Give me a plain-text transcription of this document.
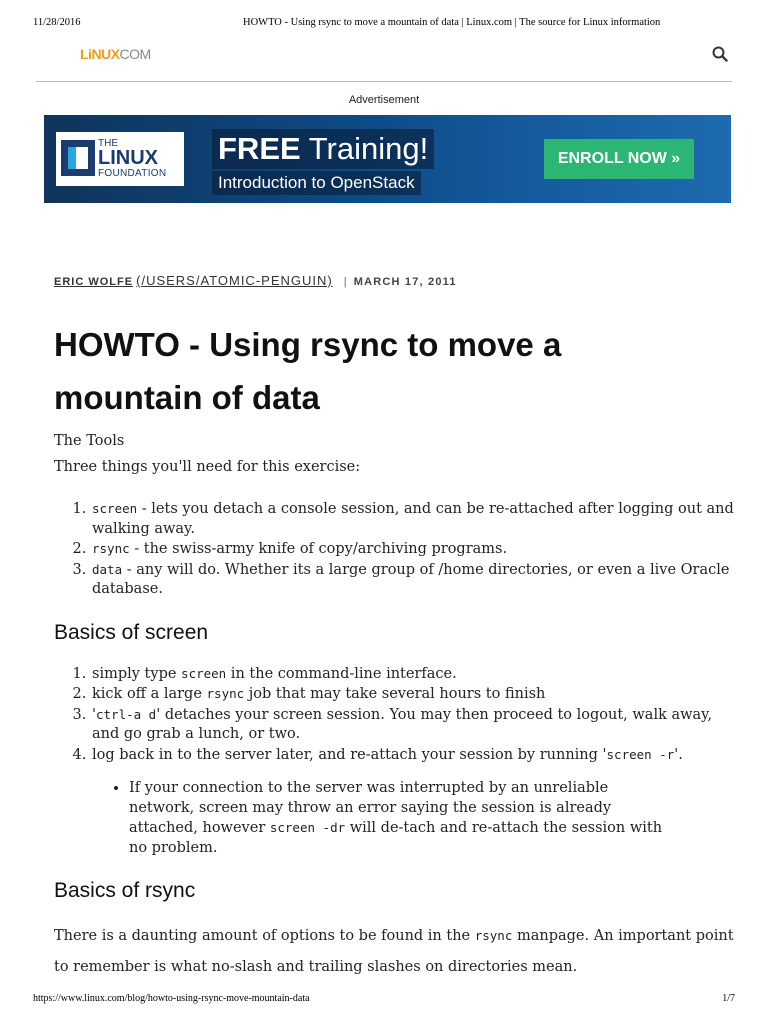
11/28/2016	HOWTO - Using rsync to move a mountain of data | Linux.com | The source for Linux information
LiNUXCOM
Advertisement
THE
LINUX
FOUNDATION
FREE Training!
Introduction to OpenStack
ENROLL NOW »
ERIC WOLFE (/USERS/ATOMIC-PENGUIN) | MARCH 17, 2011
HOWTO - Using rsync to move a mountain of data

The Tools

Three things you'll need for this exercise:

1. screen - lets you detach a console session, and can be re-attached after logging out and walking away.
2. rsync - the swiss-army knife of copy/archiving programs.
3. data - any will do. Whether its a large group of /home directories, or even a live Oracle database.
Basics of screen
1. simply type screen in the command-line interface.
2. kick off a large rsync job that may take several hours to finish
3. 'ctrl-a d' detaches your screen session. You may then proceed to logout, walk away, and go grab a lunch, or two.
4. log back in to the server later, and re-attach your session by running 'screen -r'.
• If your connection to the server was interrupted by an unreliable network, screen may throw an error saying the session is already attached, however screen -dr will de-tach and re-attach the session with no problem.
Basics of rsync

There is a daunting amount of options to be found in the rsync manpage. An important point to remember is what no-slash and trailing slashes on directories mean.

https://www.linux.com/blog/howto-using-rsync-move-mountain-data	1/7
